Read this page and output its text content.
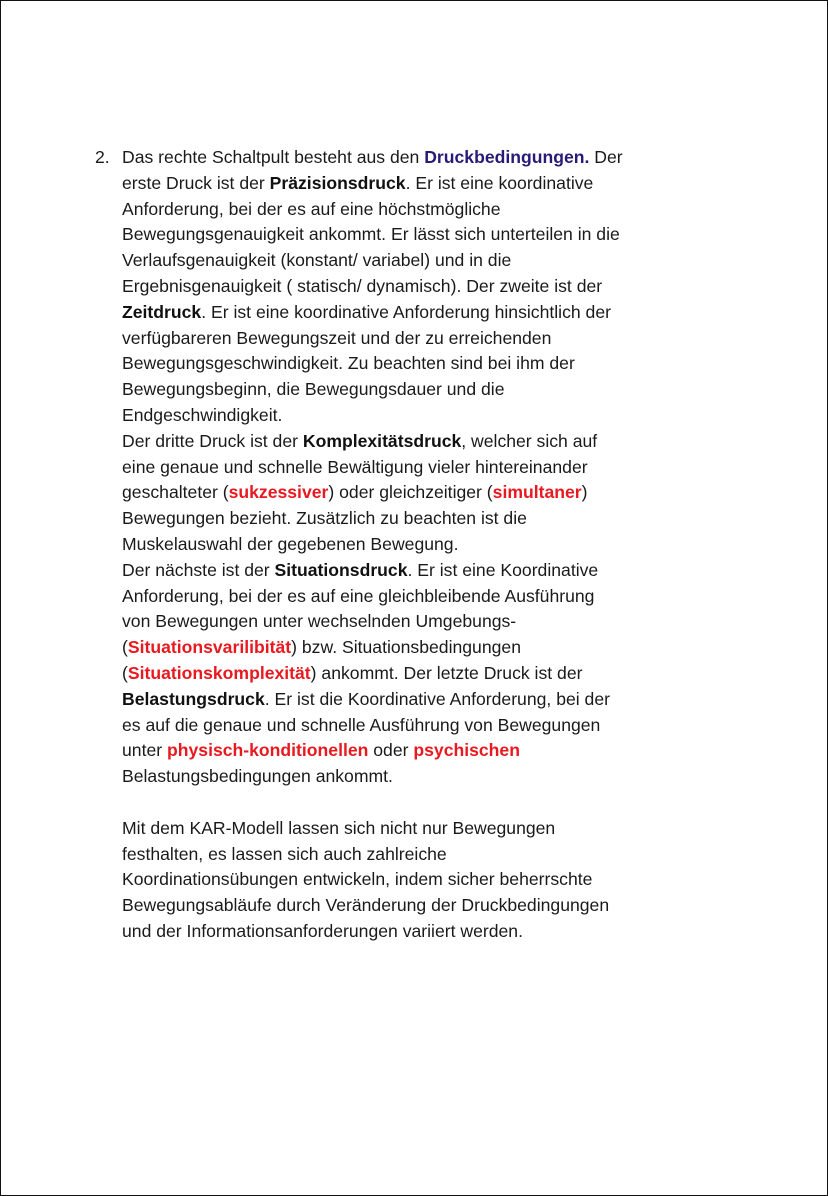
2. Das rechte Schaltpult besteht aus den Druckbedingungen. Der
erste Druck ist der Präzisionsdruck. Er ist eine koordinative
Anforderung, bei der es auf eine höchstmögliche
Bewegungsgenauigkeit ankommt. Er lässt sich unterteilen in die
Verlaufsgenauigkeit (konstant/ variabel) und in die
Ergebnisgenauigkeit ( statisch/ dynamisch). Der zweite ist der
Zeitdruck. Er ist eine koordinative Anforderung hinsichtlich der
verfügbareren Bewegungszeit und der zu erreichenden
Bewegungsgeschwindigkeit. Zu beachten sind bei ihm der
Bewegungsbeginn, die Bewegungsdauer und die
Endgeschwindigkeit.
Der dritte Druck ist der Komplexitätsdruck, welcher sich auf
eine genaue und schnelle Bewältigung vieler hintereinander
geschalteter (sukzessiver) oder gleichzeitiger (simultaner)
Bewegungen bezieht. Zusätzlich zu beachten ist die
Muskelauswahl der gegebenen Bewegung.
Der nächste ist der Situationsdruck. Er ist eine Koordinative
Anforderung, bei der es auf eine gleichbleibende Ausführung
von Bewegungen unter wechselnden Umgebungs-
(Situationsvarilibität) bzw. Situationsbedingungen
(Situationskomplexität) ankommt. Der letzte Druck ist der
Belastungsdruck. Er ist die Koordinative Anforderung, bei der
es auf die genaue und schnelle Ausführung von Bewegungen
unter physisch-konditionellen oder psychischen
Belastungsbedingungen ankommt.
Mit dem KAR-Modell lassen sich nicht nur Bewegungen
festhalten, es lassen sich auch zahlreiche
Koordinationsübungen entwickeln, indem sicher beherrschte
Bewegungsabläufe durch Veränderung der Druckbedingungen
und der Informationsanforderungen variiert werden.
